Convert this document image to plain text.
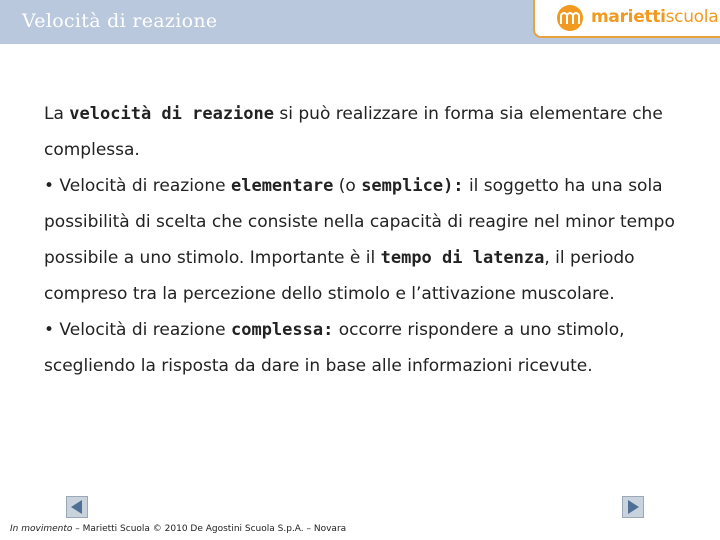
Velocità di reazione	mariettiscuola

La velocità di reazione si può realizzare in forma sia elementare che complessa.

• Velocità di reazione elementare (o semplice): il soggetto ha una sola possibilità di scelta che consiste nella capacità di reagire nel minor tempo possibile a uno stimolo. Importante è il tempo di latenza, il periodo compreso tra la percezione dello stimolo e l’attivazione muscolare.

• Velocità di reazione complessa: occorre rispondere a uno stimolo, scegliendo la risposta da dare in base alle informazioni ricevute.

In movimento – Marietti Scuola © 2010 De Agostini Scuola S.p.A. – Novara
